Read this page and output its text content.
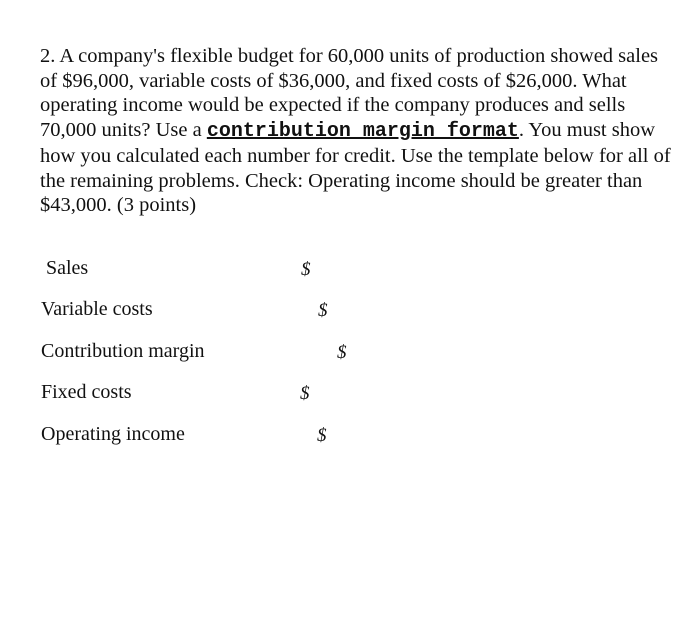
2. A company's flexible budget for 60,000 units of production showed sales of $96,000, variable costs of $36,000, and fixed costs of $26,000. What operating income would be expected if the company produces and sells 70,000 units? Use a contribution margin format. You must show how you calculated each number for credit. Use the template below for all of the remaining problems. Check: Operating income should be greater than $43,000. (3 points)
Sales	$
Variable costs	$
Contribution margin	$
Fixed costs	$
Operating income	$
